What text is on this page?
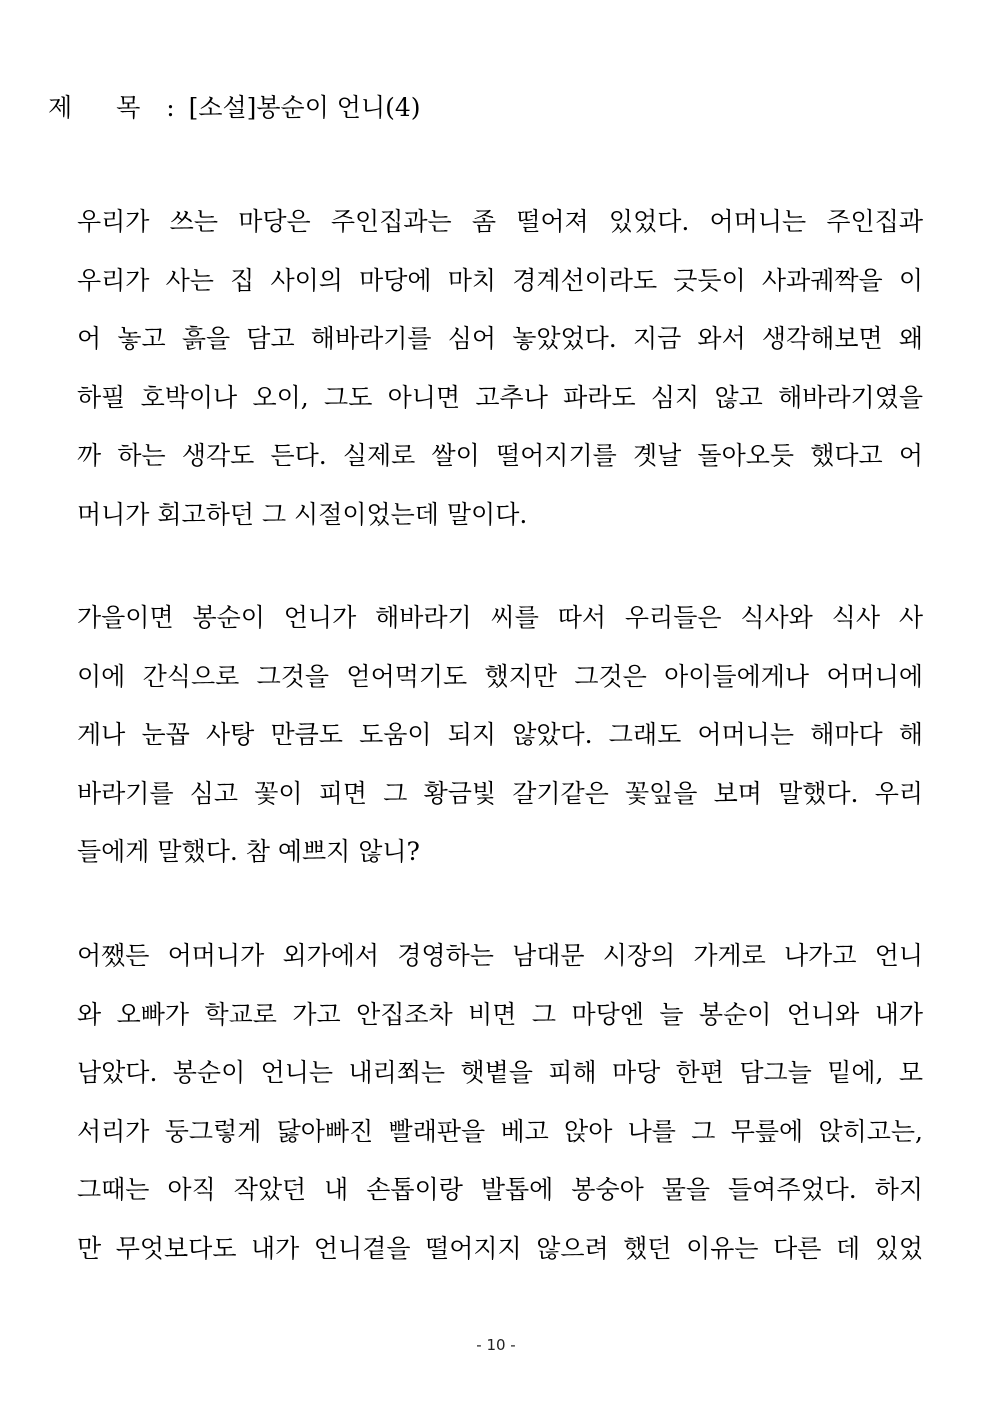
제 목 : [소설]봉순이 언니(4)
우리가 쓰는 마당은 주인집과는 좀 떨어져 있었다. 어머니는 주인집과
우리가 사는 집 사이의 마당에 마치 경계선이라도 긋듯이 사과궤짝을 이
어 놓고 흙을 담고 해바라기를 심어 놓았었다. 지금 와서 생각해보면 왜
하필 호박이나 오이, 그도 아니면 고추나 파라도 심지 않고 해바라기였을
까 하는 생각도 든다. 실제로 쌀이 떨어지기를 곗날 돌아오듯 했다고 어
머니가 회고하던 그 시절이었는데 말이다.
가을이면 봉순이 언니가 해바라기 씨를 따서 우리들은 식사와 식사 사
이에 간식으로 그것을 얻어먹기도 했지만 그것은 아이들에게나 어머니에
게나 눈꼽 사탕 만큼도 도움이 되지 않았다. 그래도 어머니는 해마다 해
바라기를 심고 꽃이 피면 그 황금빛 갈기같은 꽃잎을 보며 말했다. 우리
들에게 말했다. 참 예쁘지 않니?
어쨌든 어머니가 외가에서 경영하는 남대문 시장의 가게로 나가고 언니
와 오빠가 학교로 가고 안집조차 비면 그 마당엔 늘 봉순이 언니와 내가
남았다. 봉순이 언니는 내리쬐는 햇볕을 피해 마당 한편 담그늘 밑에, 모
서리가 둥그렇게 닳아빠진 빨래판을 베고 앉아 나를 그 무릎에 앉히고는,
그때는 아직 작았던 내 손톱이랑 발톱에 봉숭아 물을 들여주었다. 하지
만 무엇보다도 내가 언니곁을 떨어지지 않으려 했던 이유는 다른 데 있었
- 10 -
